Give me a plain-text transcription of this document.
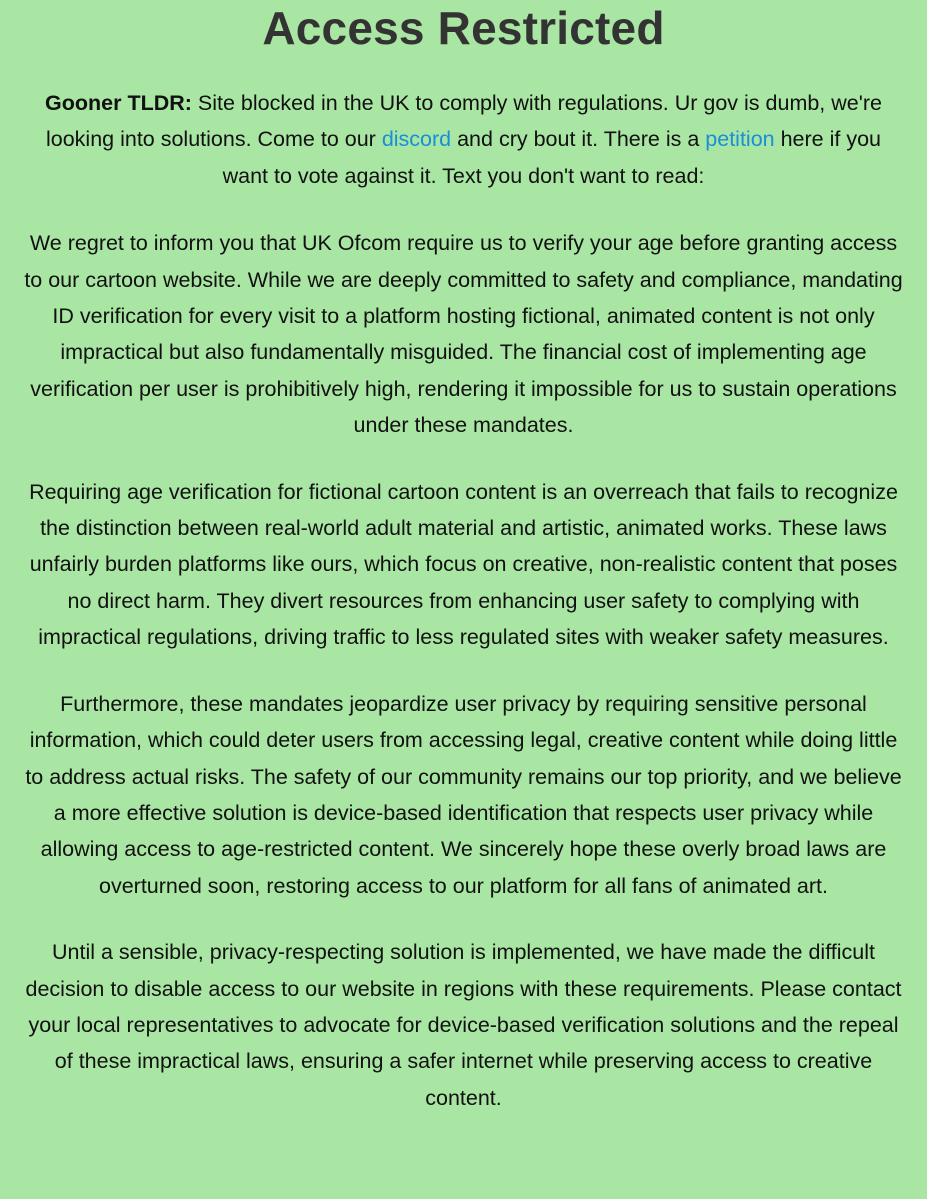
Access Restricted

Gooner TLDR: Site blocked in the UK to comply with regulations. Ur gov is dumb, we're looking into solutions. Come to our discord and cry bout it. There is a petition here if you want to vote against it. Text you don't want to read:

We regret to inform you that UK Ofcom require us to verify your age before granting access to our cartoon website. While we are deeply committed to safety and compliance, mandating ID verification for every visit to a platform hosting fictional, animated content is not only impractical but also fundamentally misguided. The financial cost of implementing age verification per user is prohibitively high, rendering it impossible for us to sustain operations under these mandates.

Requiring age verification for fictional cartoon content is an overreach that fails to recognize the distinction between real-world adult material and artistic, animated works. These laws unfairly burden platforms like ours, which focus on creative, non-realistic content that poses no direct harm. They divert resources from enhancing user safety to complying with impractical regulations, driving traffic to less regulated sites with weaker safety measures.

Furthermore, these mandates jeopardize user privacy by requiring sensitive personal information, which could deter users from accessing legal, creative content while doing little to address actual risks. The safety of our community remains our top priority, and we believe a more effective solution is device-based identification that respects user privacy while allowing access to age-restricted content. We sincerely hope these overly broad laws are overturned soon, restoring access to our platform for all fans of animated art.

Until a sensible, privacy-respecting solution is implemented, we have made the difficult decision to disable access to our website in regions with these requirements. Please contact your local representatives to advocate for device-based verification solutions and the repeal of these impractical laws, ensuring a safer internet while preserving access to creative content.
